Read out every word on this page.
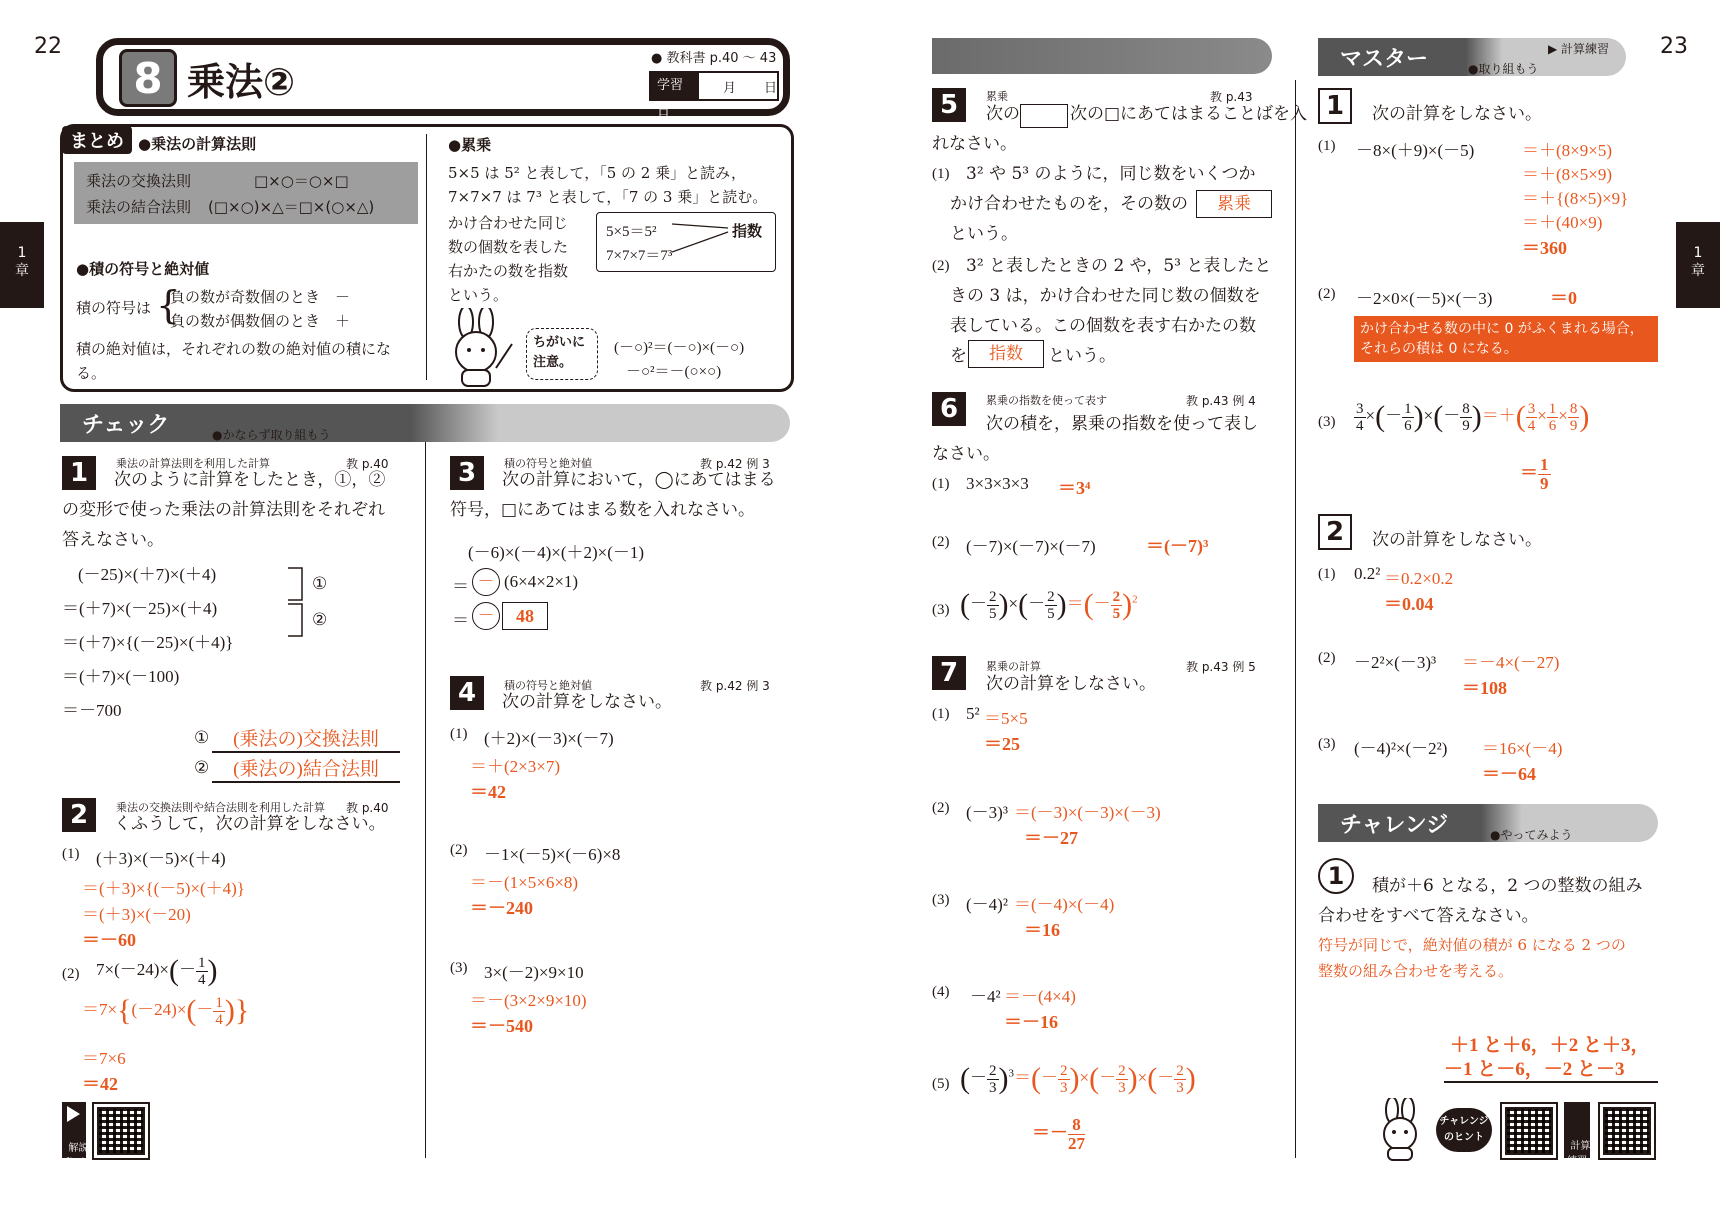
22	23
1
章
1
章
8 乗法②
● 教科書 p.40 ～ 43
学習日
月 日
まとめ ●乗法の計算法則
乗法の交換法則	□×○＝○×□
乗法の結合法則 (□×○)×△＝□×(○×△)
●積の符号と絶対値
積の符号は {
負の数が奇数個のとき　－
負の数が偶数個のとき　＋
積の絶対値は，それぞれの数の絶対値の積にな
る。
●累乗
5×5 は 5² と表して，「5 の 2 乗」と読み，
7×7×7 は 7³ と表して，「7 の 3 乗」と読む。
かけ合わせた同じ
数の個数を表した
右かたの数を指数
という。
5×5＝5²
7×7×7＝7³
指数
ちがいに
注意。
(－○)²＝(－○)×(－○)
－○²＝－(○×○)
チェック	●かならず取り組もう
1	乗法の計算法則を利用した計算	教 p.40
次のように計算をしたとき，①，②
の変形で使った乗法の計算法則をそれぞれ
答えなさい。
(－25)×(＋7)×(＋4)
＝(＋7)×(－25)×(＋4)
＝(＋7)×{(－25)×(＋4)}
＝(＋7)×(－100)
＝－700
①
②
①	(乗法の)交換法則
②	(乗法の)結合法則
2	乗法の交換法則や結合法則を利用した計算 教 p.40
くふうして，次の計算をしなさい。
(1) (＋3)×(－5)×(＋4)
＝(＋3)×{(－5)×(＋4)}
＝(＋3)×(－20)
＝－60
(2) $7\times(-24)\times(- \frac{1}{4}$ )
$=7\times\{(-24)\times(- \frac{1}{4}$ )}
＝7×6
＝42

解説
動画

3	積の符号と絶対値	教 p.42 例 3
次の計算において，◯にあてはまる
符号，□にあてはまる数を入れなさい。
(－6)×(－4)×(＋2)×(－1)
＝ － (6×4×2×1)
＝ －	48
4	積の符号と絶対値	教 p.42 例 3
次の計算をしなさい。
(1) (＋2)×(－3)×(－7)
＝＋(2×3×7)
＝42
(2) －1×(－5)×(－6)×8
＝－(1×5×6×8)
＝－240
(3) 3×(－2)×9×10
＝－(3×2×9×10)
＝－540
5	累乗	教 p.43
次の	次の□にあてはまることばを入
れなさい。
(1) 3² や 5³ のように，同じ数をいくつか
かけ合わせたものを，その数の	累乗
という。
(2) 3² と表したときの 2 や，5³ と表したと
きの 3 は，かけ合わせた同じ数の個数を
表している。この個数を表す右かたの数
を	指数	という。
6	累乗の指数を使って表す	教 p.43 例 4
次の積を，累乗の指数を使って表し
なさい。
(1) 3×3×3×3 ＝3⁴
(2) (－7)×(－7)×(－7)	＝(－7)³
(3) (－ $\frac{2}{5}$ )×(－ $\frac{2}{5}$ )＝(－ $\frac{2}{5} )^2$
7	累乗の計算	教 p.43 例 5
次の計算をしなさい。
(1) 5² ＝5×5
＝25
(2) (－3)³ ＝(－3)×(－3)×(－3)
＝－27
(3) (－4)² ＝(－4)×(－4)
＝16
(4) －4² ＝－(4×4)
＝－16
(5) (－ $\frac{2}{3} )^3=(- \frac{2}{3}$ )×(－ $\frac{2}{3}$ )×(－ $\frac{2}{3}$ )
＝－ $\frac{8}{27}$
マスター	●取り組もう
▶ 計算練習
1	次の計算をしなさい。
(1) －8×(＋9)×(－5)	＝＋(8×9×5)
＝＋(8×5×9)
＝＋{(8×5)×9}
＝＋(40×9)
＝360
(2) －2×0×(－5)×(－3)	＝0
かけ合わせる数の中に 0 がふくまれる場合，それらの積は 0 になる。
$(3) \frac{3}{4}$ ×(－ $\frac{1}{6}$ )×(－ $\frac{8}{9}$ )＝＋( $\frac{3}{4} \times \frac{1}{6} \times \frac{8}{9}$ )
＝ $\frac{1}{9}$
2	次の計算をしなさい。
(1) 0.2² ＝0.2×0.2
＝0.04
(2) －2²×(－3)³ ＝－4×(－27)
＝108
(3) (－4)²×(－2²) ＝16×(－4)
＝－64
チャレンジ	●やってみよう
1	積が＋6 となる，2 つの整数の組み
合わせをすべて答えなさい。
符号が同じで，絶対値の積が 6 になる 2 つの
整数の組み合わせを考える。
＋1 と＋6，＋2 と＋3，
－1 と－6，－2 と－3
チャレンジ
のヒント

計算
練習
